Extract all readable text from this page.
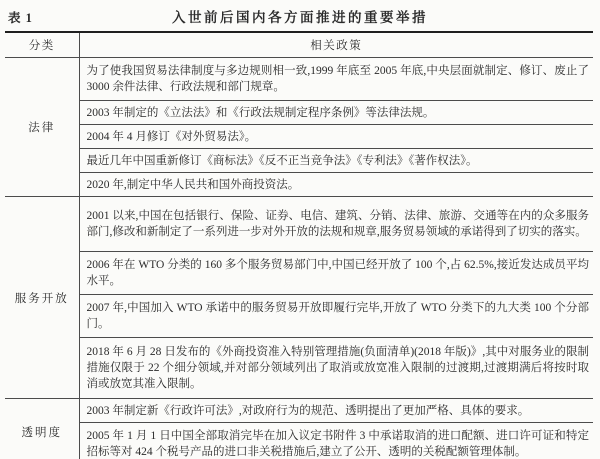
表 1	入世前后国内各方面推进的重要举措
分类	相关政策
法律	为了使我国贸易法律制度与多边规则相一致,1999 年底至 2005 年底,中央层面就制定、修订、废止了 3000 余件法律、行政法规和部门规章。
	2003 年制定的《立法法》和《行政法规制定程序条例》等法律法规。
	2004 年 4 月修订《对外贸易法》。
	最近几年中国重新修订《商标法》《反不正当竞争法》《专利法》《著作权法》。
	2020 年,制定中华人民共和国外商投资法。
服务开放	2001 以来,中国在包括银行、保险、证券、电信、建筑、分销、法律、旅游、交通等在内的众多服务部门,修改和新制定了一系列进一步对外开放的法规和规章,服务贸易领域的承诺得到了切实的落实。
	2006 年在 WTO 分类的 160 多个服务贸易部门中,中国已经开放了 100 个,占 62.5%,接近发达成员平均水平。
	2007 年,中国加入 WTO 承诺中的服务贸易开放即履行完毕,开放了 WTO 分类下的九大类 100 个分部门。
	2018 年 6 月 28 日发布的《外商投资准入特别管理措施(负面清单)(2018 年版)》,其中对服务业的限制措施仅限于 22 个细分领域,并对部分领域列出了取消或放宽准入限制的过渡期,过渡期满后将按时取消或放宽其准入限制。
透明度	2003 年制定新《行政许可法》,对政府行为的规范、透明提出了更加严格、具体的要求。
	2005 年 1 月 1 日中国全部取消完毕在加入议定书附件 3 中承诺取消的进口配额、进口许可证和特定招标等对 424 个税号产品的进口非关税措施后,建立了公开、透明的关税配额管理体制。
